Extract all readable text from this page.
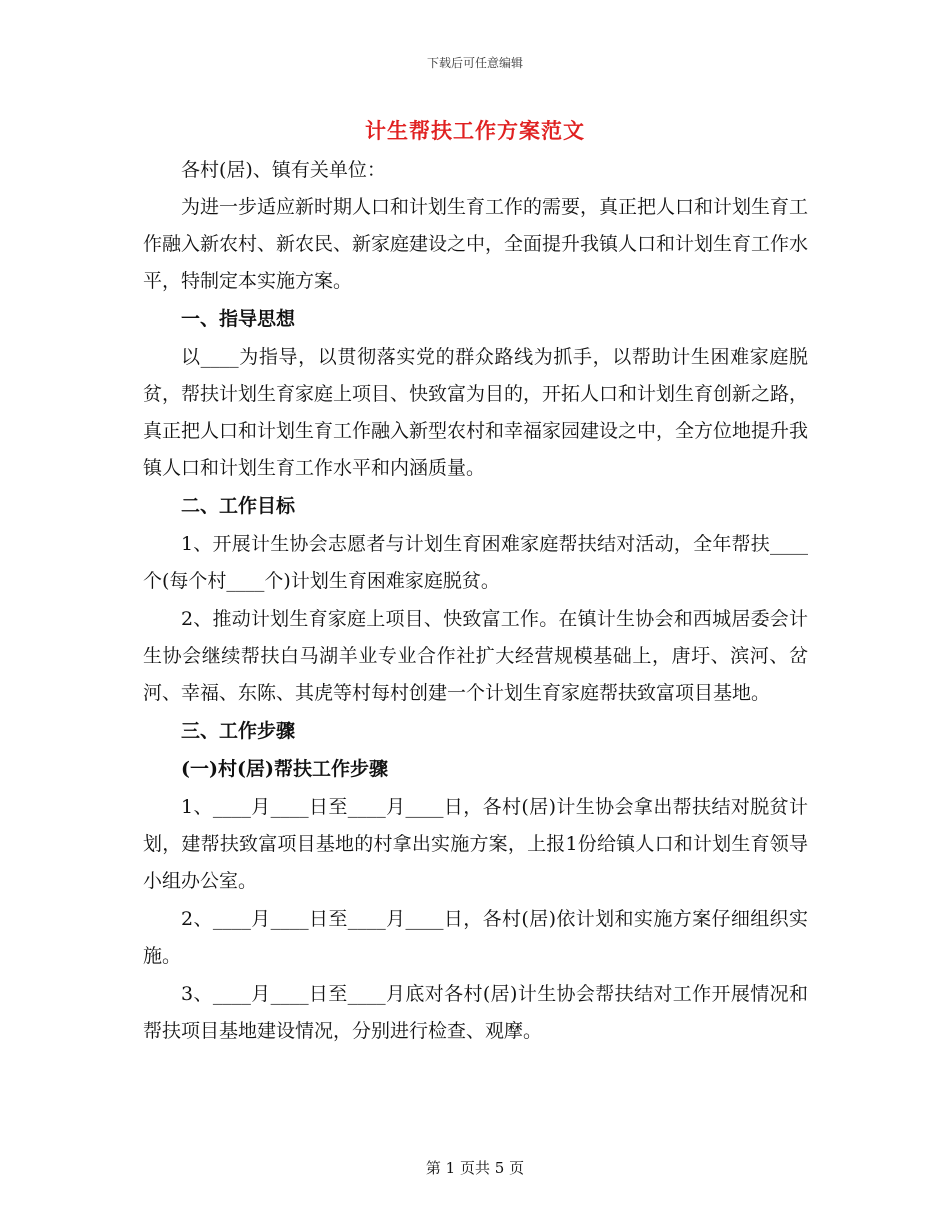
下载后可任意编辑
计生帮扶工作方案范文

各村(居)、镇有关单位：

为进一步适应新时期人口和计划生育工作的需要，真正把人口和计划生育工作融入新农村、新农民、新家庭建设之中，全面提升我镇人口和计划生育工作水平，特制定本实施方案。

一、指导思想

以____为指导，以贯彻落实党的群众路线为抓手，以帮助计生困难家庭脱贫，帮扶计划生育家庭上项目、快致富为目的，开拓人口和计划生育创新之路，真正把人口和计划生育工作融入新型农村和幸福家园建设之中，全方位地提升我镇人口和计划生育工作水平和内涵质量。

二、工作目标

1、开展计生协会志愿者与计划生育困难家庭帮扶结对活动，全年帮扶____个(每个村____个)计划生育困难家庭脱贫。

2、推动计划生育家庭上项目、快致富工作。在镇计生协会和西城居委会计生协会继续帮扶白马湖羊业专业合作社扩大经营规模基础上，唐圩、滨河、岔河、幸福、东陈、其虎等村每村创建一个计划生育家庭帮扶致富项目基地。

三、工作步骤

(一)村(居)帮扶工作步骤

1、____月____日至____月____日，各村(居)计生协会拿出帮扶结对脱贫计划，建帮扶致富项目基地的村拿出实施方案，上报1份给镇人口和计划生育领导小组办公室。

2、____月____日至____月____日，各村(居)依计划和实施方案仔细组织实施。

3、____月____日至____月底对各村(居)计生协会帮扶结对工作开展情况和帮扶项目基地建设情况，分别进行检查、观摩。

第 1 页共 5 页
